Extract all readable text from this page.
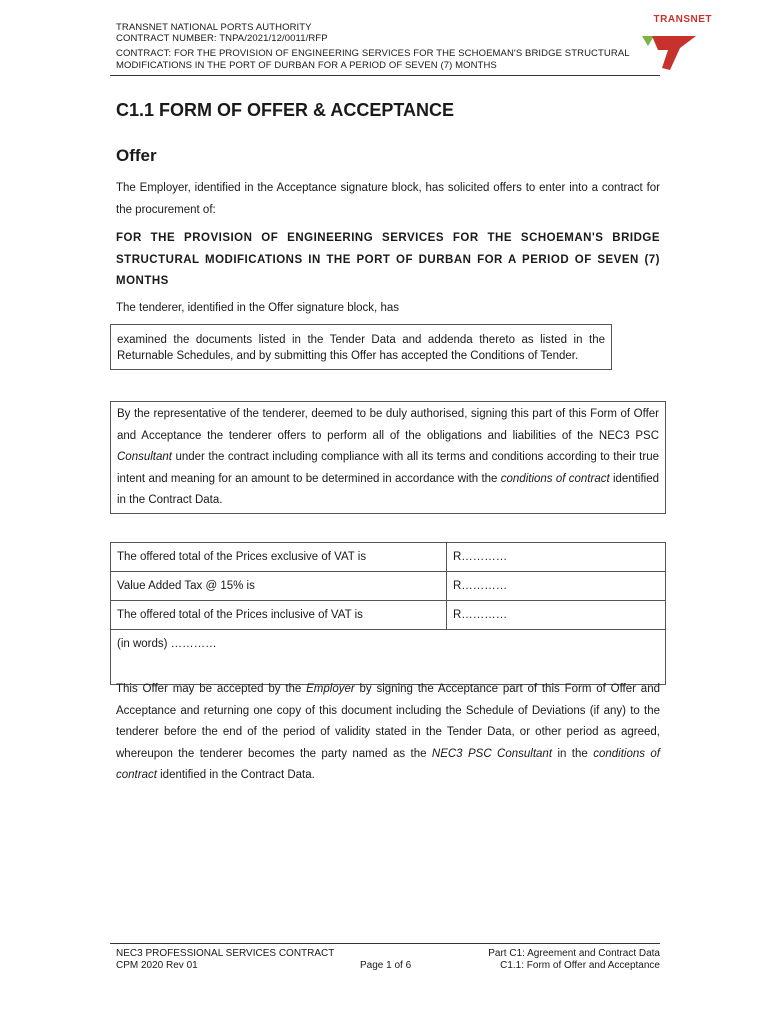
TRANSNET NATIONAL PORTS AUTHORITY
CONTRACT NUMBER: TNPA/2021/12/0011/RFP
CONTRACT: FOR THE PROVISION OF ENGINEERING SERVICES FOR THE SCHOEMAN'S BRIDGE STRUCTURAL
MODIFICATIONS IN THE PORT OF DURBAN FOR A PERIOD OF SEVEN (7) MONTHS
TRANSNET
C1.1 FORM OF OFFER & ACCEPTANCE
Offer
The Employer, identified in the Acceptance signature block, has solicited offers to enter into a contract for the procurement of:
FOR THE PROVISION OF ENGINEERING SERVICES FOR THE SCHOEMAN'S BRIDGE STRUCTURAL MODIFICATIONS IN THE PORT OF DURBAN FOR A PERIOD OF SEVEN (7) MONTHS
The tenderer, identified in the Offer signature block, has
examined the documents listed in the Tender Data and addenda thereto as listed in the Returnable Schedules, and by submitting this Offer has accepted the Conditions of Tender.
By the representative of the tenderer, deemed to be duly authorised, signing this part of this Form of Offer and Acceptance the tenderer offers to perform all of the obligations and liabilities of the NEC3 PSC Consultant under the contract including compliance with all its terms and conditions according to their true intent and meaning for an amount to be determined in accordance with the conditions of contract identified in the Contract Data.
The offered total of the Prices exclusive of VAT is	R…………
Value Added Tax @ 15% is	R…………
The offered total of the Prices inclusive of VAT is	R…………
(in words) …………	
This Offer may be accepted by the Employer by signing the Acceptance part of this Form of Offer and Acceptance and returning one copy of this document including the Schedule of Deviations (if any) to the tenderer before the end of the period of validity stated in the Tender Data, or other period as agreed, whereupon the tenderer becomes the party named as the NEC3 PSC Consultant in the conditions of contract identified in the Contract Data.
NEC3 PROFESSIONAL SERVICES CONTRACT
CPM 2020 Rev 01	Page 1 of 6
Part C1: Agreement and Contract Data
C1.1: Form of Offer and Acceptance
